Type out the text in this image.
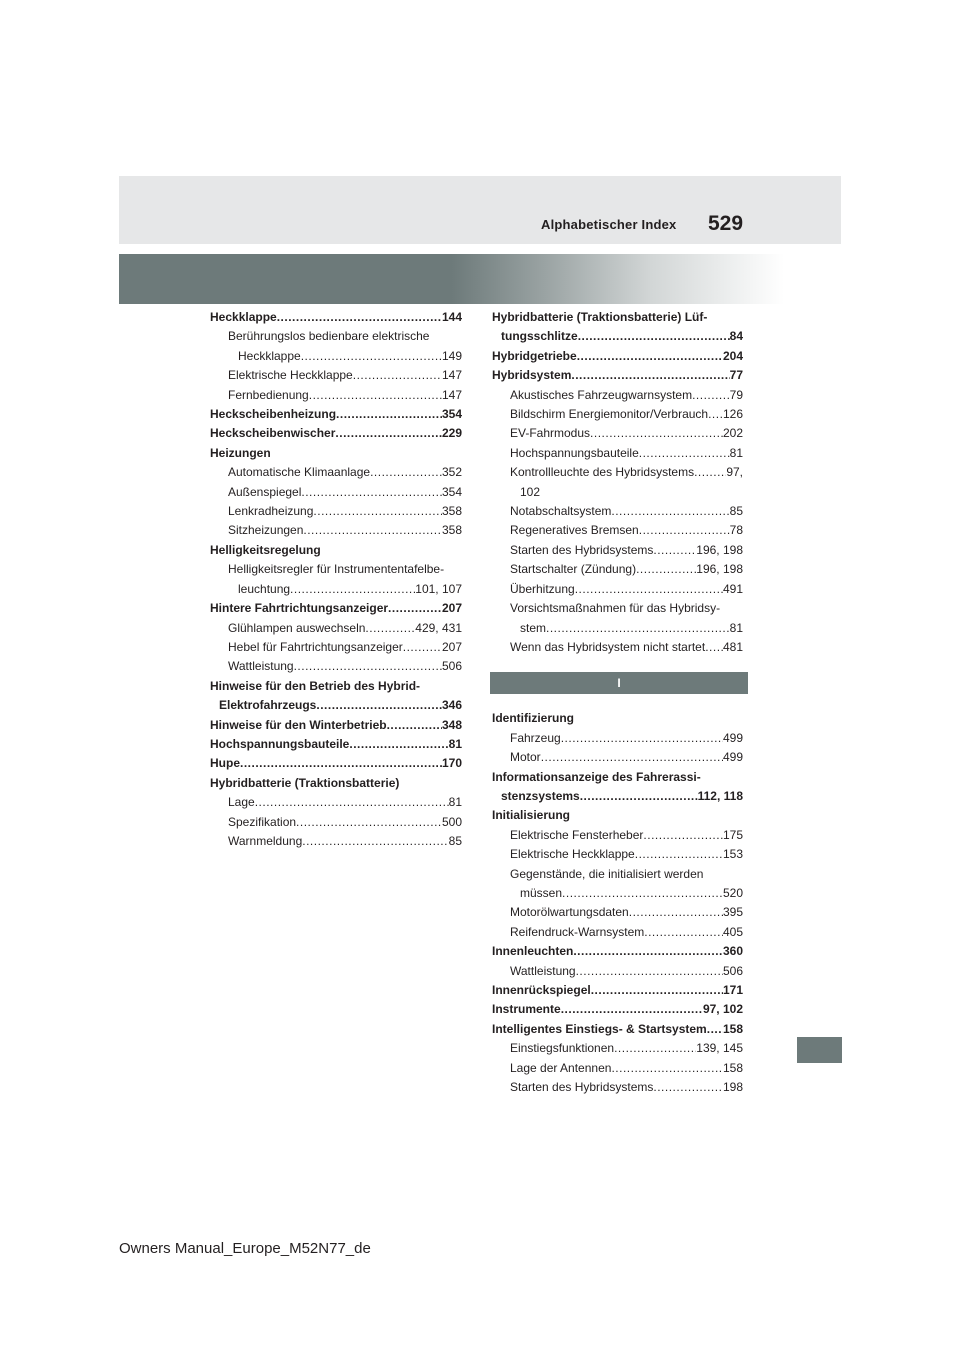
Alphabetischer Index 529
Heckklappe .....	144
Berührungslos bedienbare elektrische
Heckklappe .....	149
Elektrische Heckklappe .....	147
Fernbedienung .....	147
Heckscheibenheizung .....	354
Heckscheibenwischer .....	229
Heizungen
Automatische Klimaanlage .....	352
Außenspiegel .....	354
Lenkradheizung .....	358
Sitzheizungen .....	358
Helligkeitsregelung
Helligkeitsregler für Instrumententafelbe-
leuchtung .....	101, 107
Hintere Fahrtrichtungsanzeiger .....	207
Glühlampen auswechseln .....	429, 431
Hebel für Fahrtrichtungsanzeiger .....	207
Wattleistung .....	506
Hinweise für den Betrieb des Hybrid-
Elektrofahrzeugs .....	346
Hinweise für den Winterbetrieb .....	348
Hochspannungsbauteile .....	81
Hupe .....	170
Hybridbatterie (Traktionsbatterie)
Lage .....	81
Spezifikation .....	500
Warnmeldung .....	85
Hybridbatterie (Traktionsbatterie) Lüf-
tungsschlitze .....	84
Hybridgetriebe .....	204
Hybridsystem .....	77
Akustisches Fahrzeugwarnsystem .....	79
Bildschirm Energiemonitor/Verbrauch ..... 126
EV-Fahrmodus .....	202
Hochspannungsbauteile .....	81
Kontrollleuchte des Hybridsystems .....	97,
102
Notabschaltsystem .....	85
Regeneratives Bremsen .....	78
Starten des Hybridsystems .....	196, 198
Startschalter (Zündung) .....	196, 198
Überhitzung .....	491
Vorsichtsmaßnahmen für das Hybridsy-
stem .....	81
Wenn das Hybridsystem nicht startet ..... 481
I
Identifizierung
Fahrzeug .....	499
Motor .....	499
Informationsanzeige des Fahrerassi-
stenzsystems .....	112, 118
Initialisierung
Elektrische Fensterheber .....	175
Elektrische Heckklappe .....	153
Gegenstände, die initialisiert werden
müssen .....	520
Motorölwartungsdaten .....	395
Reifendruck-Warnsystem .....	405
Innenleuchten .....	360
Wattleistung .....	506
Innenrückspiegel .....	171
Instrumente .....	97, 102
Intelligentes Einstiegs- & Startsystem ..... 158
Einstiegsfunktionen .....	139, 145
Lage der Antennen .....	158
Starten des Hybridsystems .....	198
Owners Manual_Europe_M52N77_de
